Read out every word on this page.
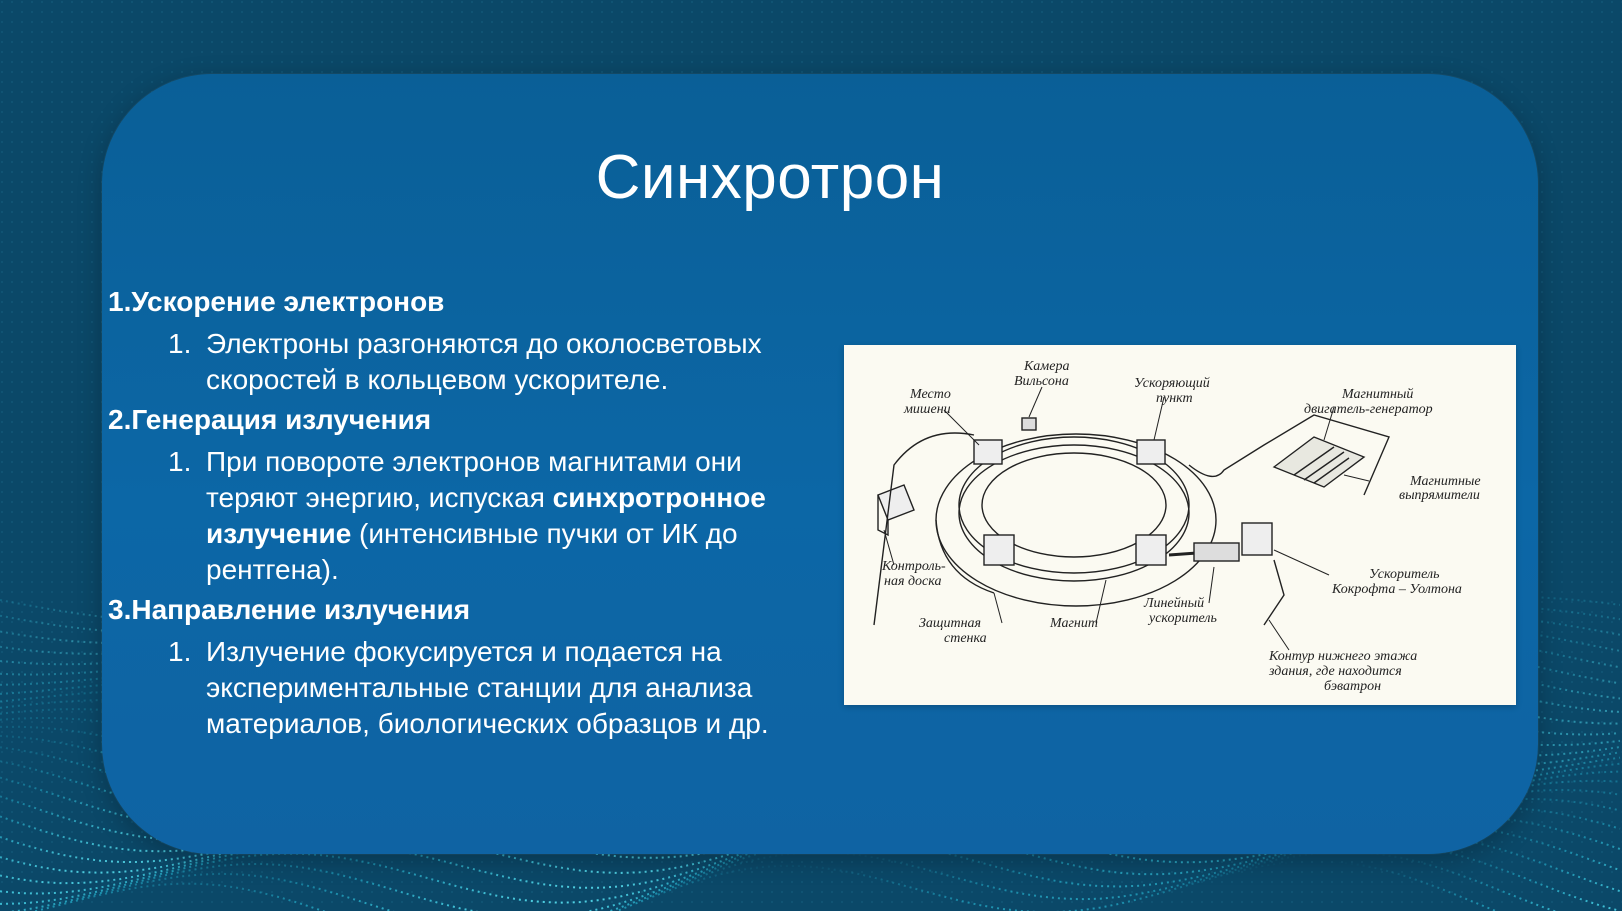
Синхротрон
1.Ускорение электронов
1. Электроны разгоняются до околосветовых скоростей в кольцевом ускорителе.
2.Генерация излучения
1. При повороте электронов магнитами они теряют энергию, испуская синхротронное излучение (интенсивные пучки от ИК до рентгена).
3.Направление излучения
1. Излучение фокусируется и подается на экспериментальные станции для анализа материалов, биологических образцов и др.
Камера
Вильсона
Место
мишени
Ускоряющий
пункт	Магнитный
двигатель-генератор
Магнитные
выпрямители
Контроль-
ная доска	Ускоритель
Кокрофта – Уолтона
Линейный
ускоритель
Защитная
стенка
Магнит
Контур нижнего этажа
здания, где находится
бэватрон
